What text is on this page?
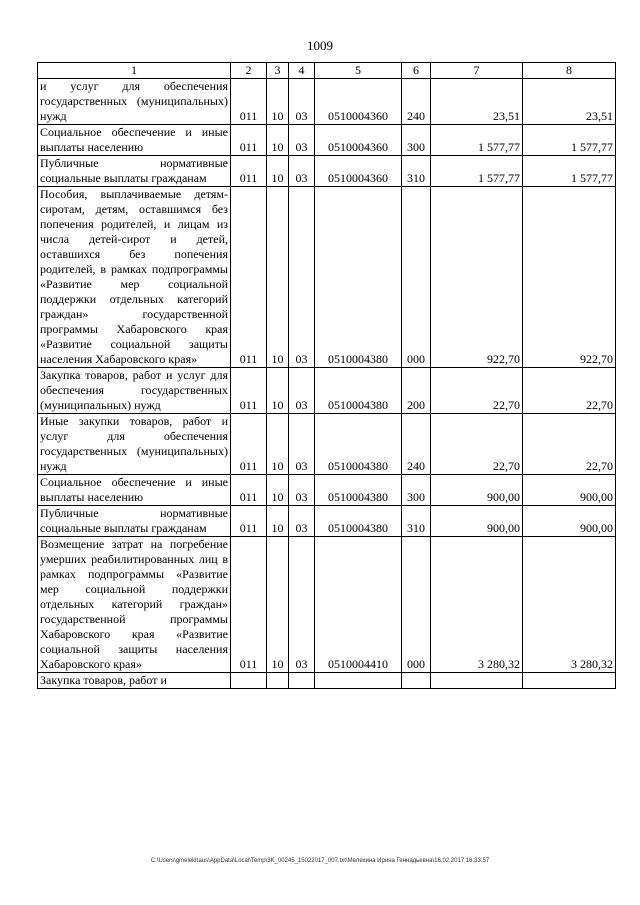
1009
1	2	3	4	5	6	7	8
и услуг для обеспечения государственных (муниципальных) нужд	011	10	03	0510004360	240	23,51	23,51
Социальное обеспечение и иные выплаты населению	011	10	03	0510004360	300	1 577,77	1 577,77
Публичные нормативные социальные выплаты гражданам	011	10	03	0510004360	310	1 577,77	1 577,77
Пособия, выплачиваемые детям-сиротам, детям, оставшимся без попечения родителей, и лицам из числа детей-сирот и детей, оставшихся без попечения родителей, в рамках подпрограммы «Развитие мер социальной поддержки отдельных категорий граждан» государственной программы Хабаровского края «Развитие социальной защиты населения Хабаровского края»	011	10	03	0510004380	000	922,70	922,70
Закупка товаров, работ и услуг для обеспечения государственных (муниципальных) нужд	011	10	03	0510004380	200	22,70	22,70
Иные закупки товаров, работ и услуг для обеспечения государственных (муниципальных) нужд	011	10	03	0510004380	240	22,70	22,70
Социальное обеспечение и иные выплаты населению	011	10	03	0510004380	300	900,00	900,00
Публичные нормативные социальные выплаты гражданам	011	10	03	0510004380	310	900,00	900,00
Возмещение затрат на погребение умерших реабилитированных лиц в рамках подпрограммы «Развитие мер социальной поддержки отдельных категорий граждан» государственной программы Хабаровского края «Развитие социальной защиты населения Хабаровского края»	011	10	03	0510004410	000	3 280,32	3 280,32
Закупка товаров, работ и							
C:\Users\gmelekhaus\AppData\Local\Temp\3K_00245_15022017_007.txt\Мелехина Ирина Геннадьевна\16.02.2017 16:33:57
